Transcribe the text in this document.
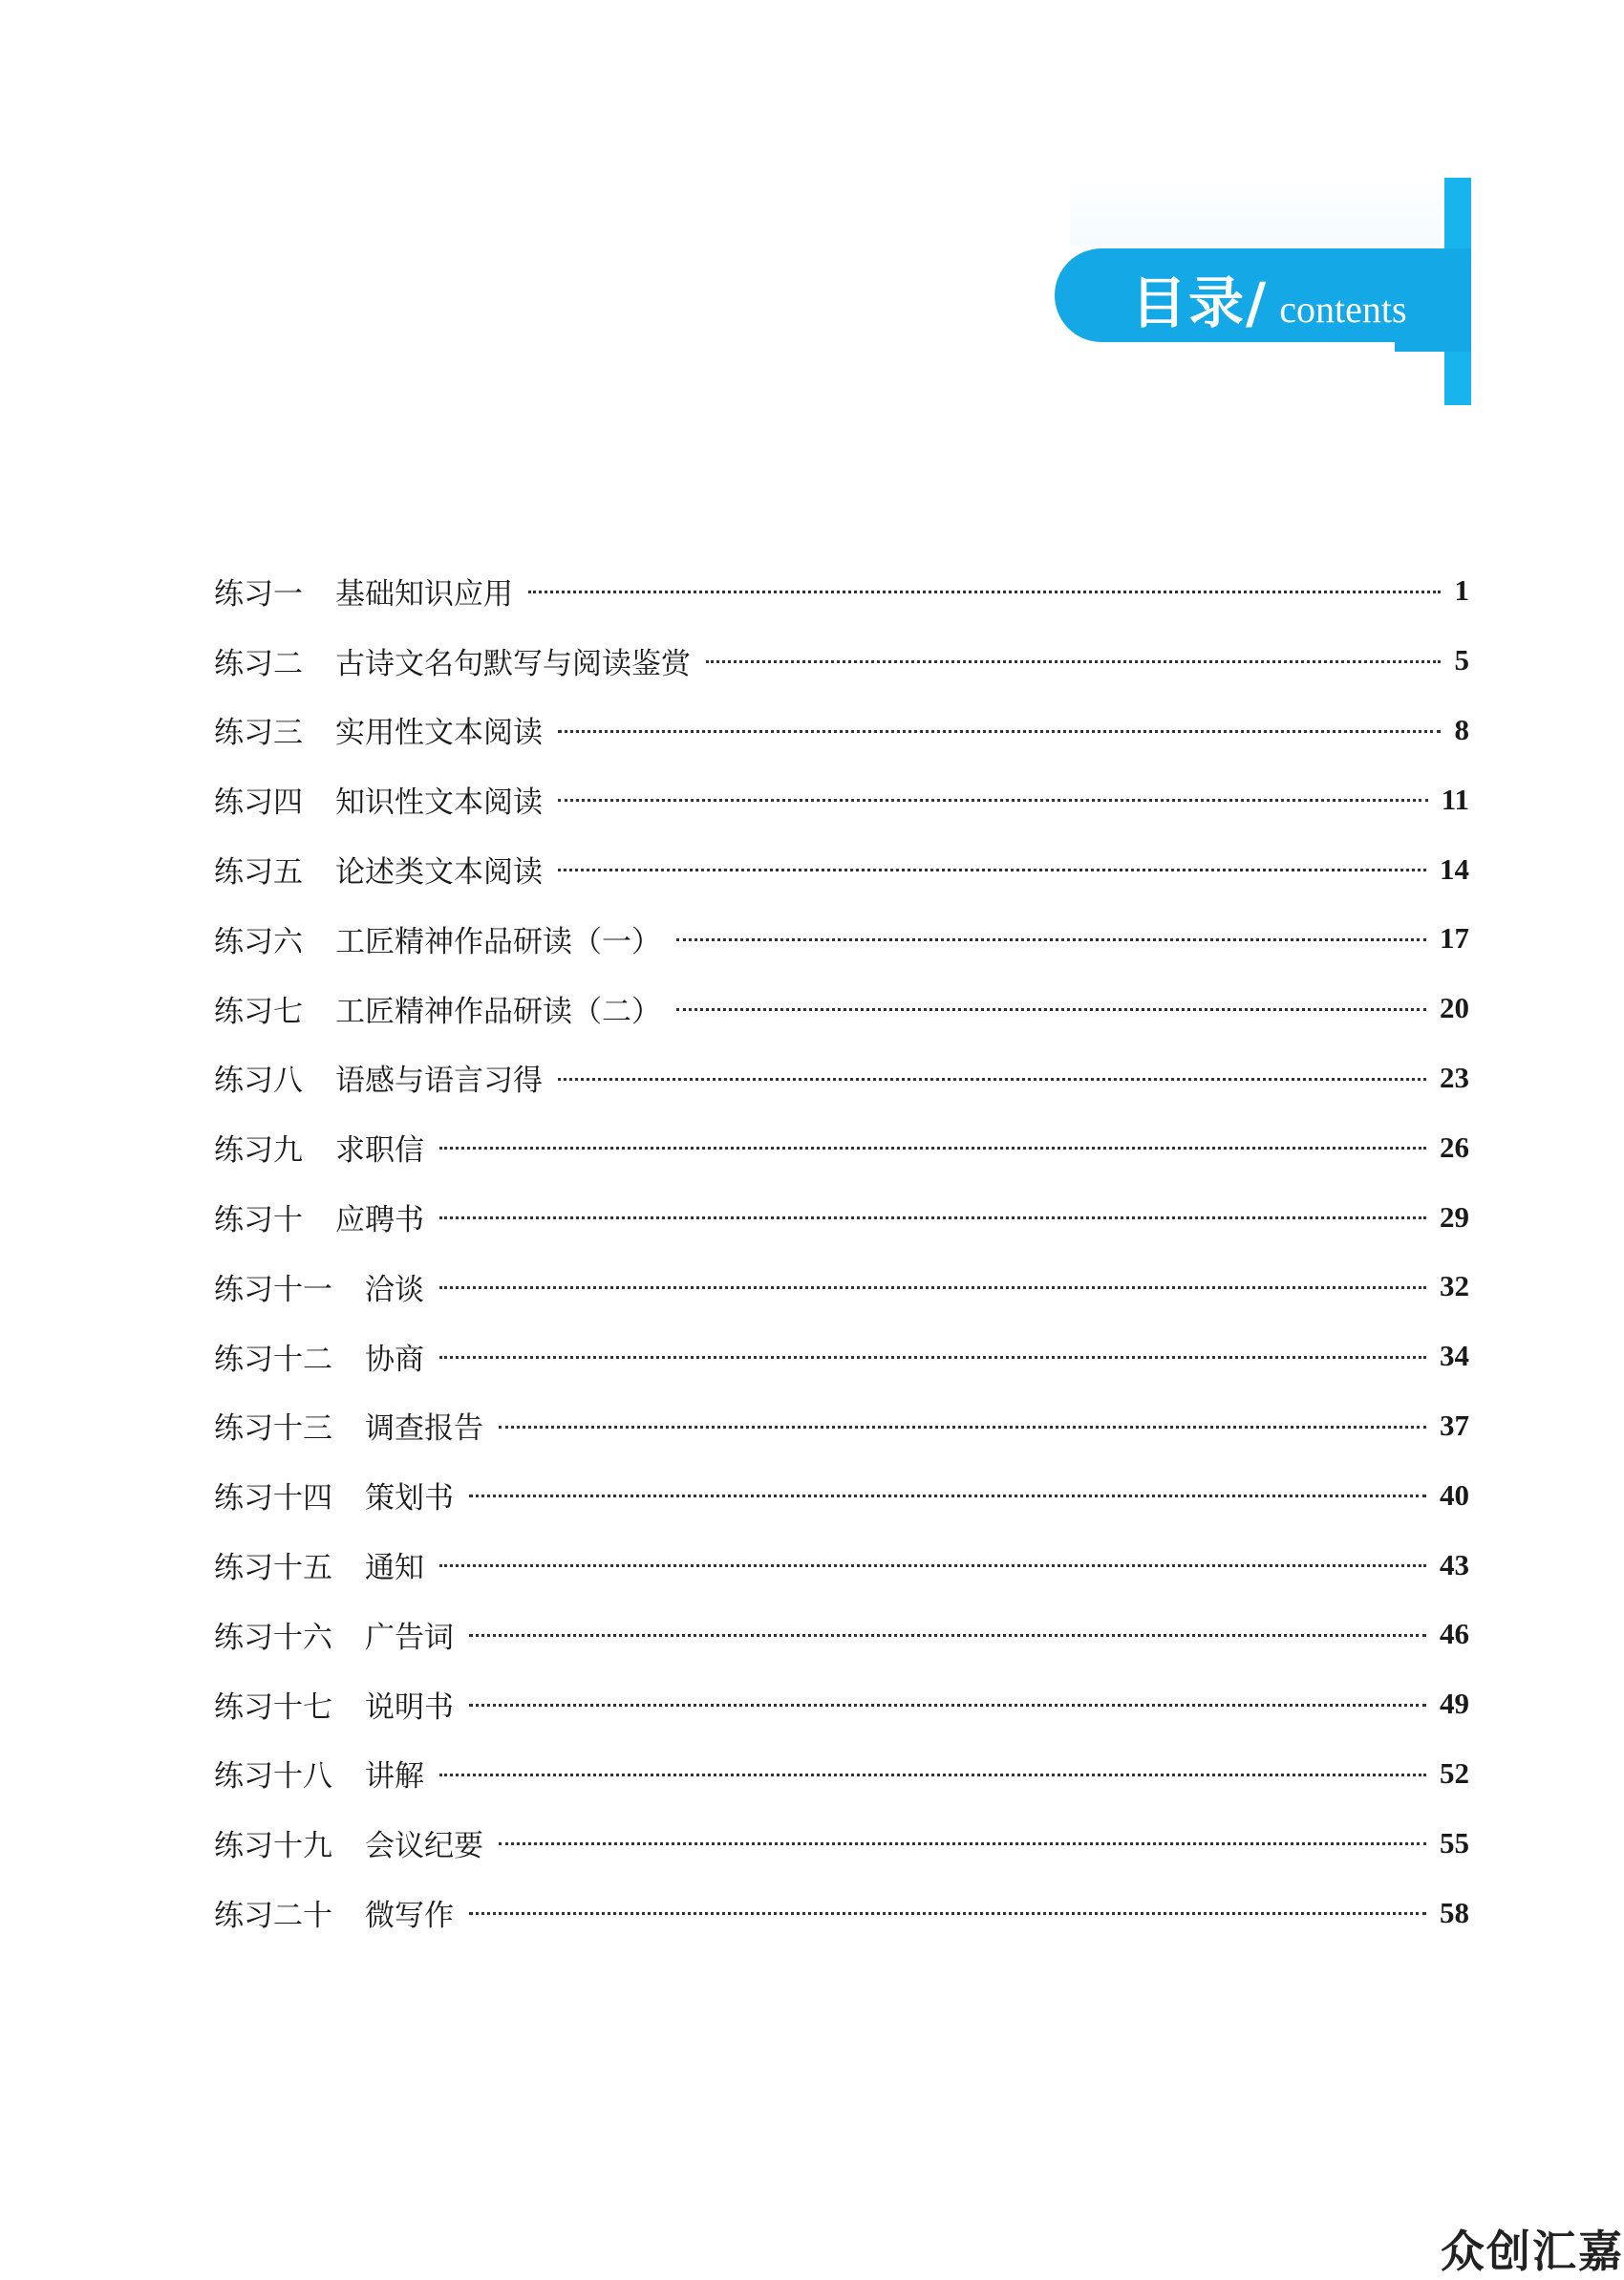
目录 / contents
练习一 基础知识应用	1
练习二 古诗文名句默写与阅读鉴赏	5
练习三 实用性文本阅读	8
练习四 知识性文本阅读	11
练习五 论述类文本阅读	14
练习六 工匠精神作品研读（一）	17
练习七 工匠精神作品研读（二）	20
练习八 语感与语言习得	23
练习九 求职信	26
练习十 应聘书	29
练习十一 洽谈	32
练习十二 协商	34
练习十三 调查报告	37
练习十四 策划书	40
练习十五 通知	43
练习十六 广告词	46
练习十七 说明书	49
练习十八 讲解	52
练习十九 会议纪要	55
练习二十 微写作	58
众创汇嘉
